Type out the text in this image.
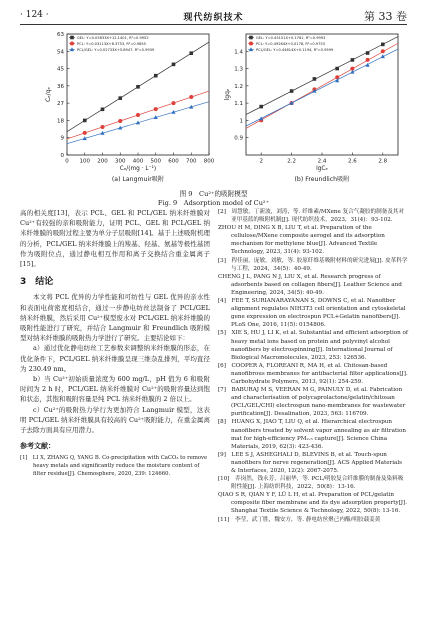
· 124 ·	现代纺织技术	第 33 卷
0 100 200 300 400 500 600 700 800
0
9
18
27
36
45
54
63
Cₑ/(mg · L⁻¹)
Cₑ/qₑ
GEL: Y=0.05833X+12.1401, R²=0.9952
PCL: Y=0.03113X+8.3753, R²=0.9855
PCL/GEL: Y=0.02733X+5.8947, R²=0.9939
(a) Langmuir吸附
2	2.2	2.4	2.6	2.8
0.9
1
1.1
1.2
1.3
1.4
lgCₑ
lgqₑ
GEL: Y=0.45151X+0.1761, R²=0.9993
PCL: Y=0.49264X+0.0178, R²=0.9753
PCL/GEL: Y=0.44614X+0.1194, R²=0.9599
(b) Freundlich吸附
图 9　Cu²⁺的吸附模型
Fig. 9　Adsorption model of Cu²⁺

高的相关度[13]，表示 PCL、GEL 和 PCL/GEL 纳米纤维膜对 Cu²⁺有较强的亲和吸附能力，证明 PCL、GEL 和 PCL/GEL 纳米纤维膜的吸附过程主要为单分子层吸附[14]。基于上述吸附机理的分析，PCL/GEL 纳米纤维膜上的羧基、羟基、氨基等极性基团作为吸附位点，通过静电相互作用和离子交换结合重金属离子[15]。

3　结论

本文将 PCL 优异的力学性能和可纺性与 GEL 优异的亲水性和表面电荷密度相结合，通过一步静电纺丝法制备了 PCL/GEL 纳米纤维膜，然后采用 Cu²⁺模型废水对 PCL/GEL 纳米纤维膜的吸附性能进行了研究，并结合 Langmuir 和 Freundlich 吸附模型对纳米纤维膜的吸附热力学进行了研究。主要结论如下：

a）通过优化静电纺丝工艺参数来调整纳米纤维膜的形态，在优化条件下，PCL/GEL 纳米纤维膜呈现三维杂乱排列，平均直径为 230.49 nm。

b）当 Cu²⁺初始质量浓度为 600 mg/L，pH 值为 6 和吸附时间为 2 h 时，PCL/GEL 纳米纤维膜对 Cu²⁺的吸附容量达到饱和状态，其饱和吸附容量是纯 PCL 纳米纤维膜的 2 倍以上。

c）Cu²⁺的吸附热力学行为更加符合 Langmuir 模型，这表明 PCL/GEL 纳米纤维膜具有较高的 Cu²⁺吸附能力，在重金属离子去除方面具有应用潜力。

参考文献：

[1]　LI X, ZHANG Q, YANG B. Co-precipitation with CaCO₃ to remove heavy metals and significantly reduce the moisture content of filter residue[J]. Chemosphere, 2020, 239: 124660.

[2]　周慧敏，丁新波，刘涛，等. 纤维素/MXene 复合气凝胶的制备及其对亚甲基蓝的吸附机制[J]. 现代纺织技术，2023，31(4)：93-102.

ZHOU H M, DING X B, LIU T, et al. Preparation of the cellulose/MXene composite aerogel and its adsorption mechanism for methylene blue[J]. Advanced Textile Technology, 2023, 31(4): 93-102.

[3]　程佳丽，庞敏，刘敏，等. 胶原纤维基吸附材料的研究进展[J]. 皮革科学与工程，2024，34(5)：40-49.

CHENG J L, PANG N J, LIU X, et al. Research progress of adsorbents based on collagen fibers[J]. Leather Science and Engineering, 2024, 34(5): 40-49.

[4]　FEE T, SURIANARAYANAN S, DOWNS C, et al. Nanofiber alignment regulates NIH3T3 cell orientation and cytoskeletal gene expression on electrospun PCL+Gelatin nanofibers[J]. PLoS One, 2016, 11(5): 0154806.

[5]　XIE S, HU J, LI K, et al. Substantial and efficient adsorption of heavy metal ions based on protein and polyvinyl alcohol nanofibers by electrospinning[J]. International Journal of Biological Macromolecules, 2023, 253: 126536.

[6]　COOPER A, FLOREANI R, MA H, et al. Chitosan-based nanofibrous membranes for antibacterial filter applications[J]. Carbohydrate Polymers, 2013, 92(1): 254-259.

[7]　BABURAJ M S, VEERAN M G, PAINULY D, et al. Fabrication and characterisation of polycaprolactone/gelatin/chitosan (PCL/GEL/CHI) electrospun nano-membranes for wastewater purification[J]. Desalination, 2023, 563: 116709.

[8]　HUANG X, JIAO T, LIU Q, et al. Hierarchical electrospun nanofibers treated by solvent vapor annealing as air filtration mat for high-efficiency PM₂.₅ capture[J]. Science China Materials, 2019, 62(3): 423-436.

[9]　LEE S J, ASHEGHALI D, BLEVINS B, et al. Touch-spun nanofibers for nerve regeneration[J]. ACS Applied Materials & Interfaces, 2020, 12(2): 2067-2075.

[10]　乔岗然，钱永芳，吕丽华，等. PCL/明胶复合纤维膜的制备及染料吸附性能[J]. 上海纺织科技，2022，50(8)：13-16.

QIAO S R, QIAN Y F, LÜ L H, et al. Preparation of PCL/gelatin composite fiber membrane and its dye adsorption property[J]. Shanghai Textile Science & Technology, 2022, 50(8): 13-16.

[11]　李莹，武丁胜，魏安方，等. 静电纺丝聚己内酯/明胶载姜黄
